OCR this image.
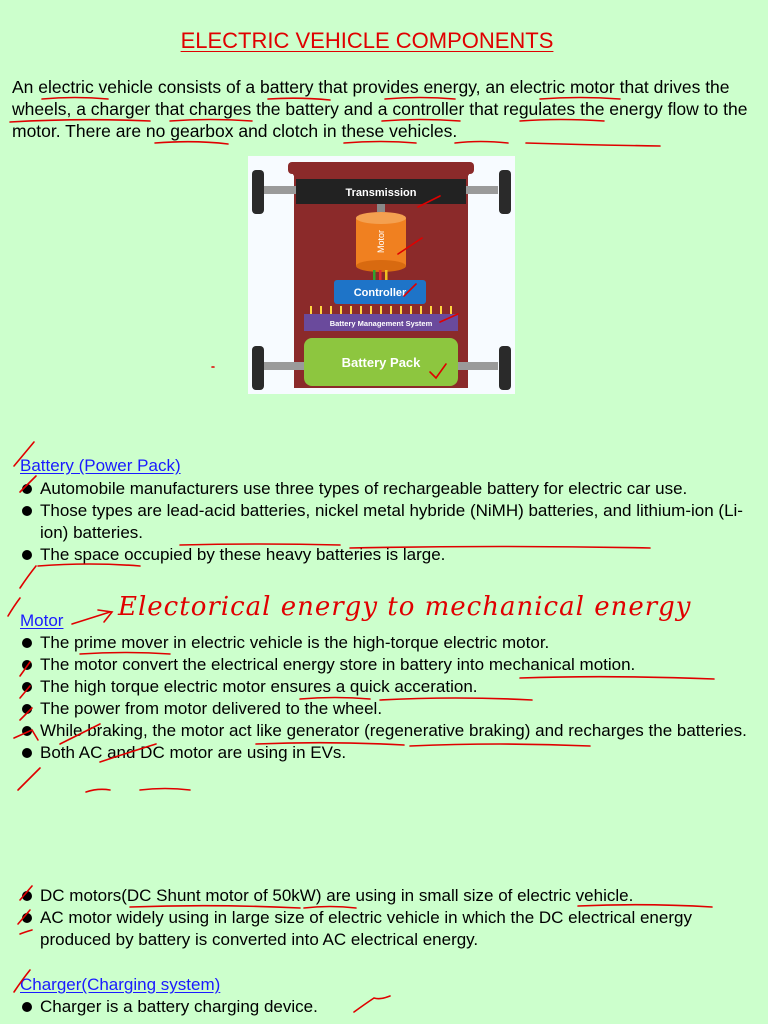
ELECTRIC VEHICLE COMPONENTS
An electric vehicle consists of a battery that provides energy, an electric motor that drives the wheels, a charger that charges the battery and a controller that regulates the energy flow to the motor. There are no gearbox and clotch in these vehicles.
Transmission
Motor
Controller
Battery Management System
Battery Pack
Battery (Power Pack)
Automobile manufacturers use three types of rechargeable battery for electric car use.
Those types are lead-acid batteries, nickel metal hybride (NiMH) batteries, and lithium-ion (Li-ion) batteries.
The space occupied by these heavy batteries is large.
Motor Electorical energy to mechanical energy
The prime mover in electric vehicle is the high-torque electric motor.
The motor convert the electrical energy store in battery into mechanical motion.
The high torque electric motor ensures a quick acceration.
The power from motor delivered to the wheel.
While braking, the motor act like generator (regenerative braking) and recharges the batteries.
Both AC and DC motor are using in EVs.
DC motors(DC Shunt motor of 50kW) are using in small size of electric vehicle.
AC motor widely using in large size of electric vehicle in which the DC electrical energy produced by battery is converted into AC electrical energy.
Charger(Charging system)
Charger is a battery charging device.
